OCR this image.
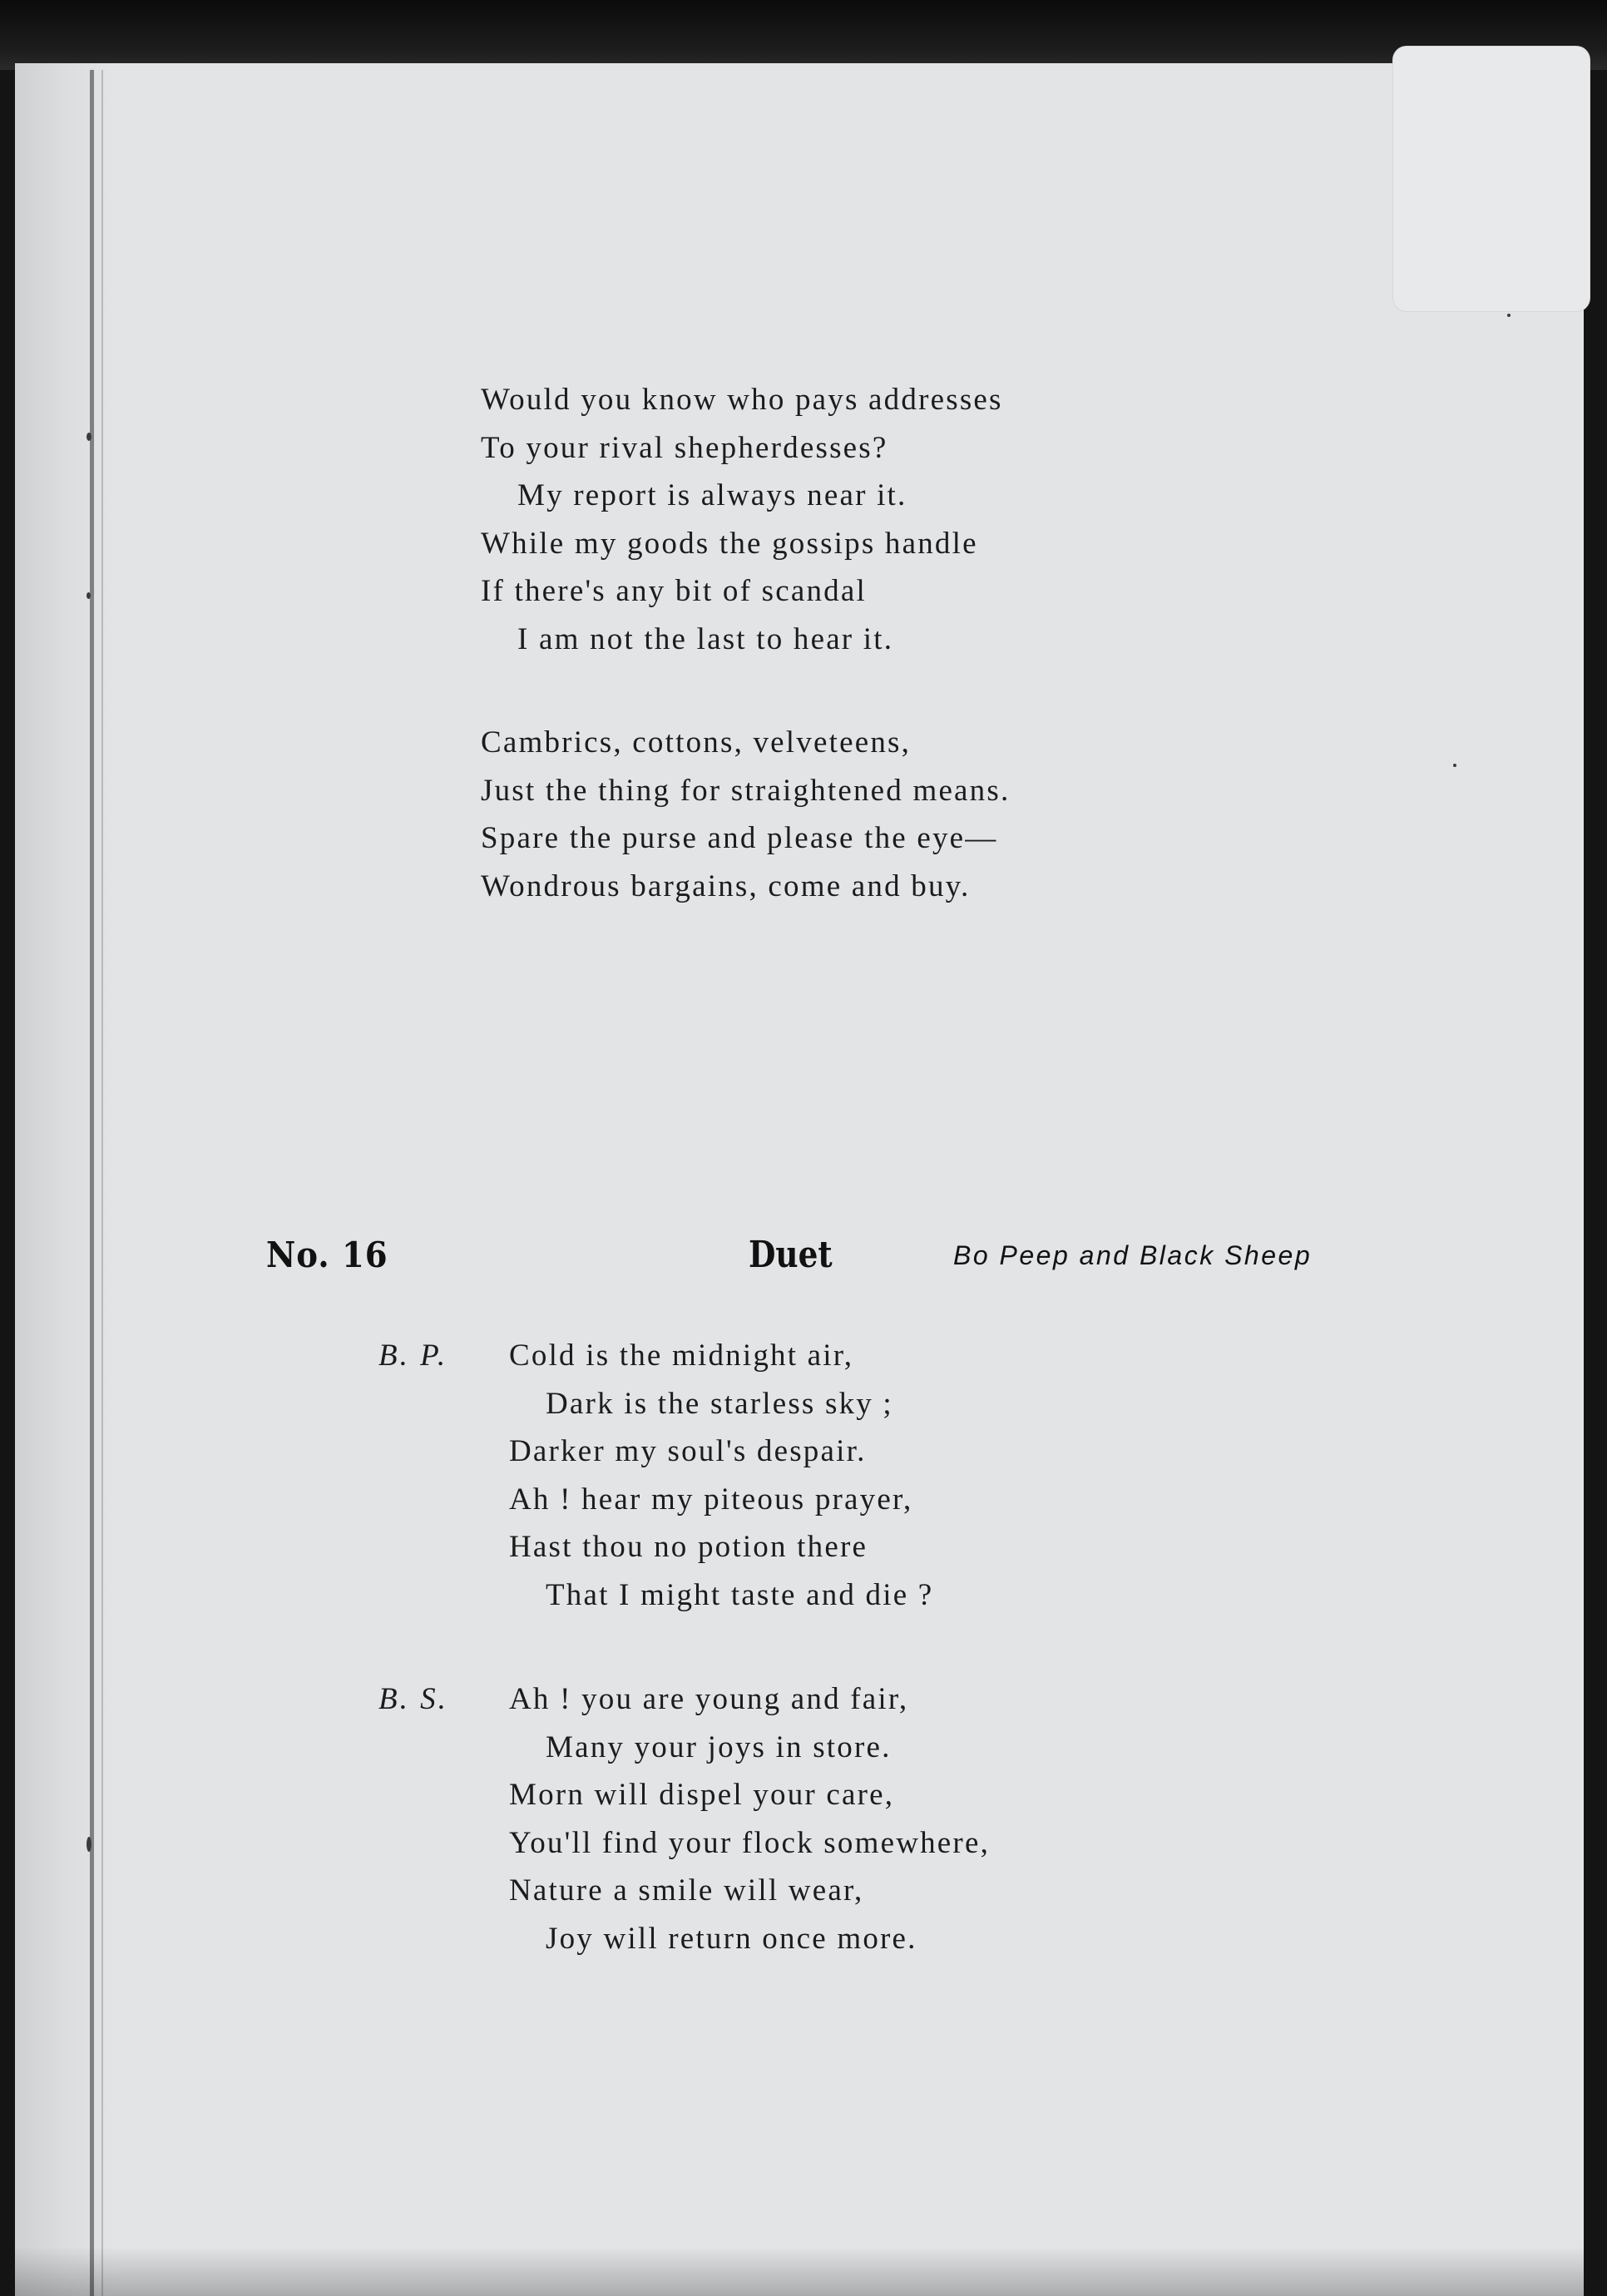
Would you know who pays addresses
To your rival shepherdesses?
My report is always near it.
While my goods the gossips handle
If there's any bit of scandal
I am not the last to hear it.
Cambrics, cottons, velveteens,
Just the thing for straightened means.
Spare the purse and please the eye—
Wondrous bargains, come and buy.
No. 16	Duet	Bo Peep and Black Sheep
B. P. Cold is the midnight air,
Dark is the starless sky ;
Darker my soul's despair.
Ah ! hear my piteous prayer,
Hast thou no potion there
That I might taste and die ?
B. S. Ah ! you are young and fair,
Many your joys in store.
Morn will dispel your care,
You'll find your flock somewhere,
Nature a smile will wear,
Joy will return once more.
